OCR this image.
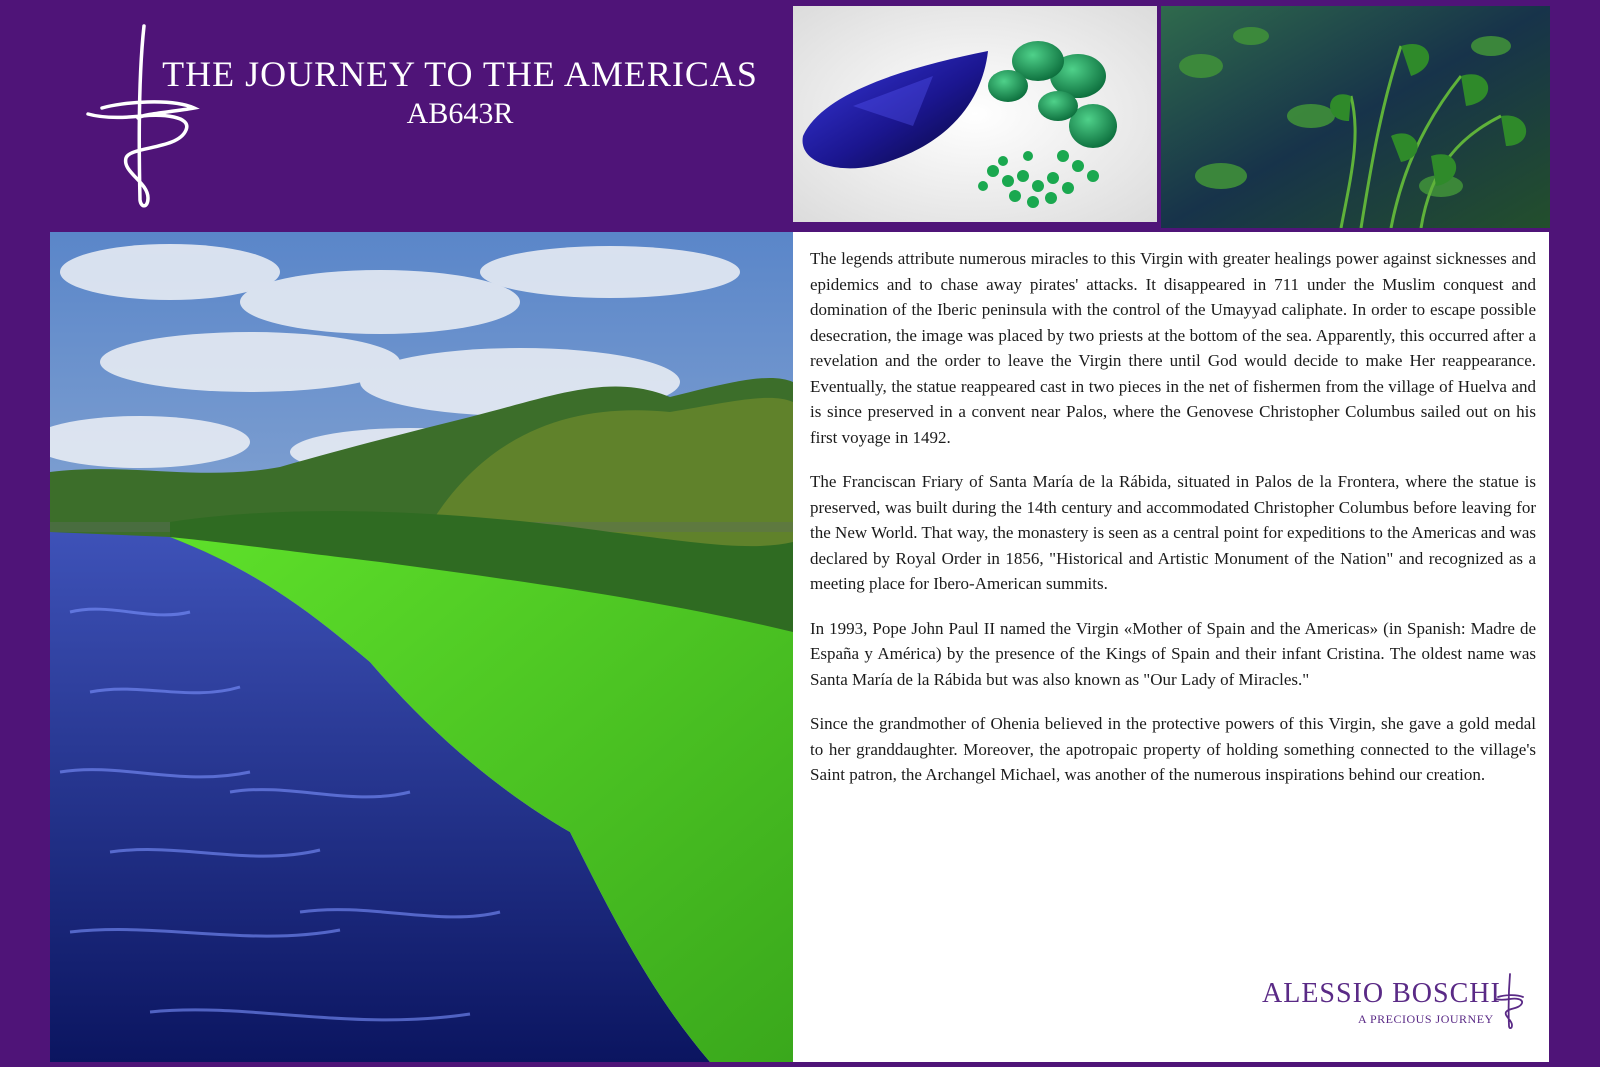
THE JOURNEY TO THE AMERICAS
AB643R

The legends attribute numerous miracles to this Virgin with greater healings power against sicknesses and epidemics and to chase away pirates' attacks. It disappeared in 711 under the Muslim conquest and domination of the Iberic peninsula with the control of the Umayyad caliphate. In order to escape possible desecration, the image was placed by two priests at the bottom of the sea. Apparently, this occurred after a revelation and the order to leave the Virgin there until God would decide to make Her reappearance. Eventually, the statue reappeared cast in two pieces in the net of fishermen from the village of Huelva and is since preserved in a convent near Palos, where the Genovese Christopher Columbus sailed out on his first voyage in 1492.

The Franciscan Friary of Santa María de la Rábida, situated in Palos de la Frontera, where the statue is preserved, was built during the 14th century and accommodated Christopher Columbus before leaving for the New World. That way, the monastery is seen as a central point for expeditions to the Americas and was declared by Royal Order in 1856, "Historical and Artistic Monument of the Nation" and recognized as a meeting place for Ibero-American summits.

In 1993, Pope John Paul II named the Virgin «Mother of Spain and the Americas» (in Spanish: Madre de España y América) by the presence of the Kings of Spain and their infant Cristina. The oldest name was Santa María de la Rábida but was also known as "Our Lady of Miracles."

Since the grandmother of Ohenia believed in the protective powers of this Virgin, she gave a gold medal to her granddaughter. Moreover, the apotropaic property of holding something connected to the village's Saint patron, the Archangel Michael, was another of the numerous inspirations behind our creation.

ALESSIO BOSCHI
A PRECIOUS JOURNEY
